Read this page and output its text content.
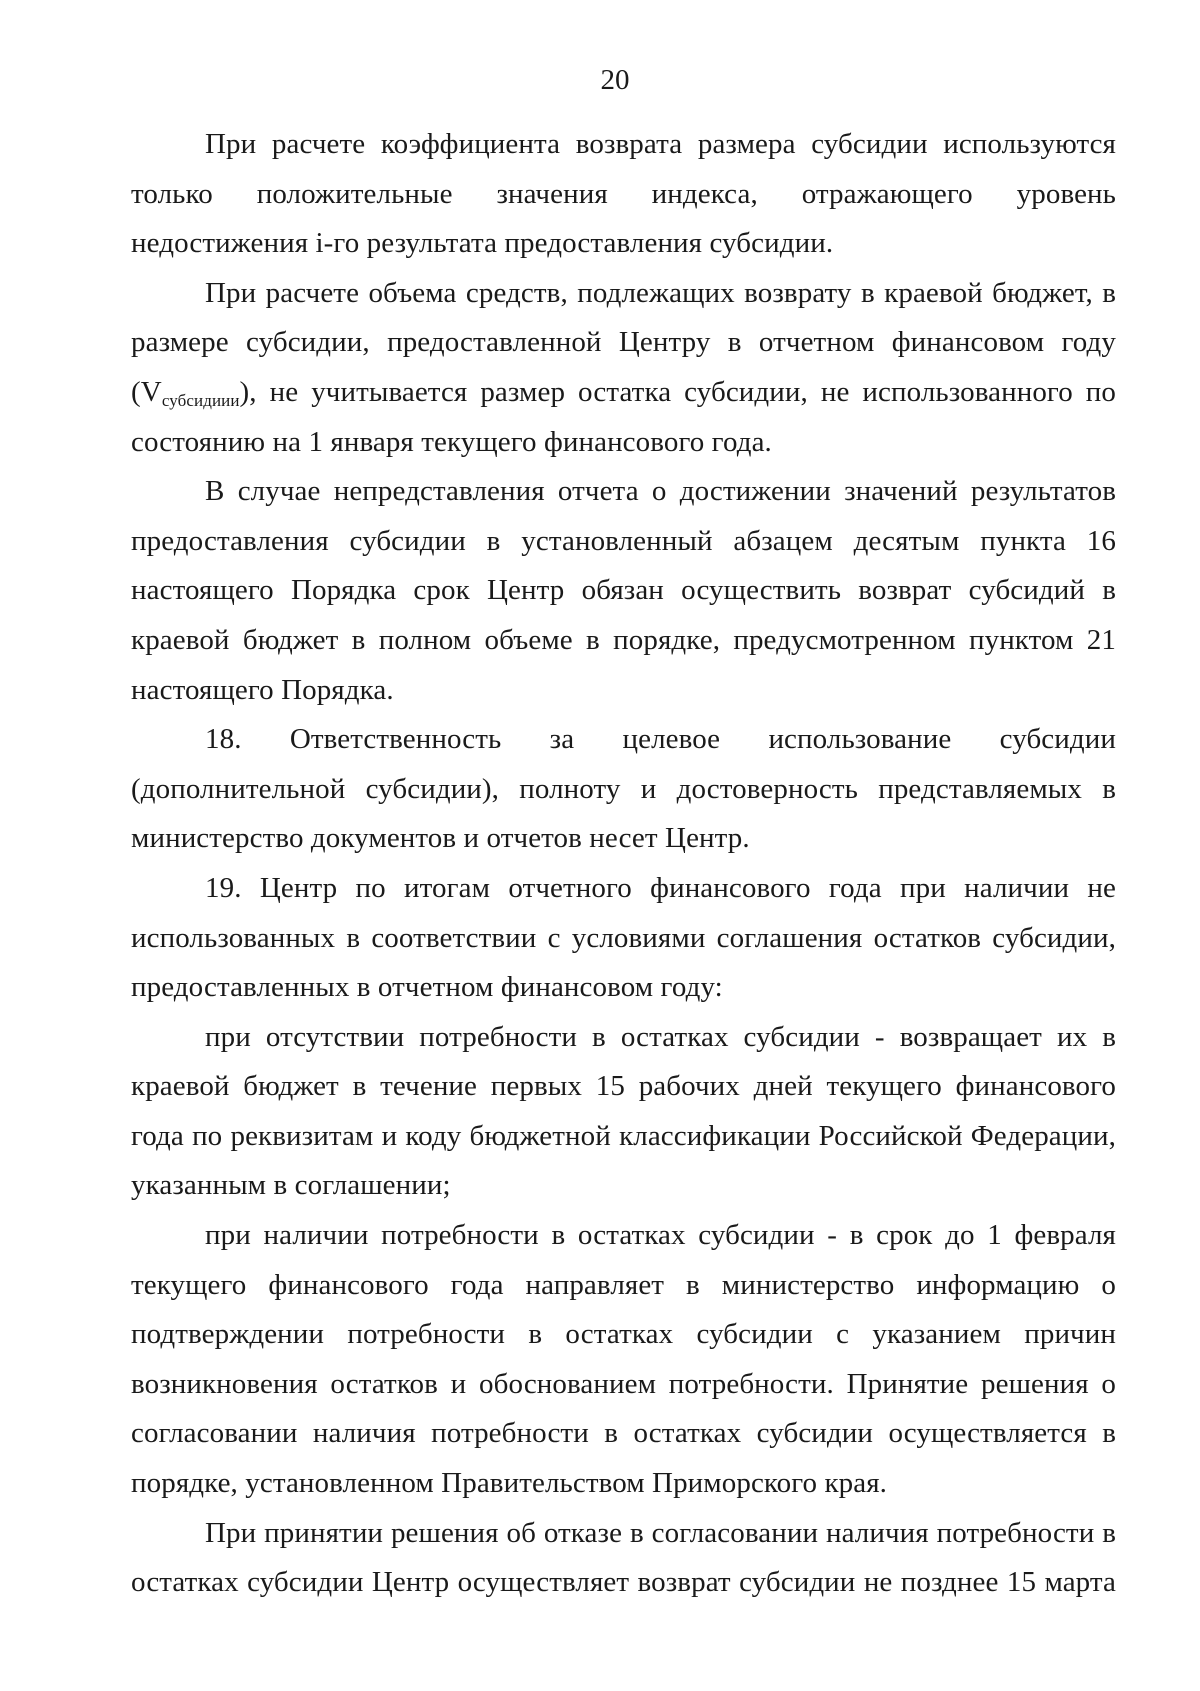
20

При расчете коэффициента возврата размера субсидии используются только положительные значения индекса, отражающего уровень недостижения i-го результата предоставления субсидии.

При расчете объема средств, подлежащих возврату в краевой бюджет, в размере субсидии, предоставленной Центру в отчетном финансовом году $(V_{субсидиии})$, не учитывается размер остатка субсидии, не использованного по состоянию на 1 января текущего финансового года.

В случае непредставления отчета о достижении значений результатов предоставления субсидии в установленный абзацем десятым пункта 16 настоящего Порядка срок Центр обязан осуществить возврат субсидий в краевой бюджет в полном объеме в порядке, предусмотренном пунктом 21 настоящего Порядка.

18. Ответственность за целевое использование субсидии (дополнительной субсидии), полноту и достоверность представляемых в министерство документов и отчетов несет Центр.

19. Центр по итогам отчетного финансового года при наличии не использованных в соответствии с условиями соглашения остатков субсидии, предоставленных в отчетном финансовом году:

при отсутствии потребности в остатках субсидии - возвращает их в краевой бюджет в течение первых 15 рабочих дней текущего финансового года по реквизитам и коду бюджетной классификации Российской Федерации, указанным в соглашении;

при наличии потребности в остатках субсидии - в срок до 1 февраля текущего финансового года направляет в министерство информацию о подтверждении потребности в остатках субсидии с указанием причин возникновения остатков и обоснованием потребности. Принятие решения о согласовании наличия потребности в остатках субсидии осуществляется в порядке, установленном Правительством Приморского края.

При принятии решения об отказе в согласовании наличия потребности в остатках субсидии Центр осуществляет возврат субсидии не позднее 15 марта
